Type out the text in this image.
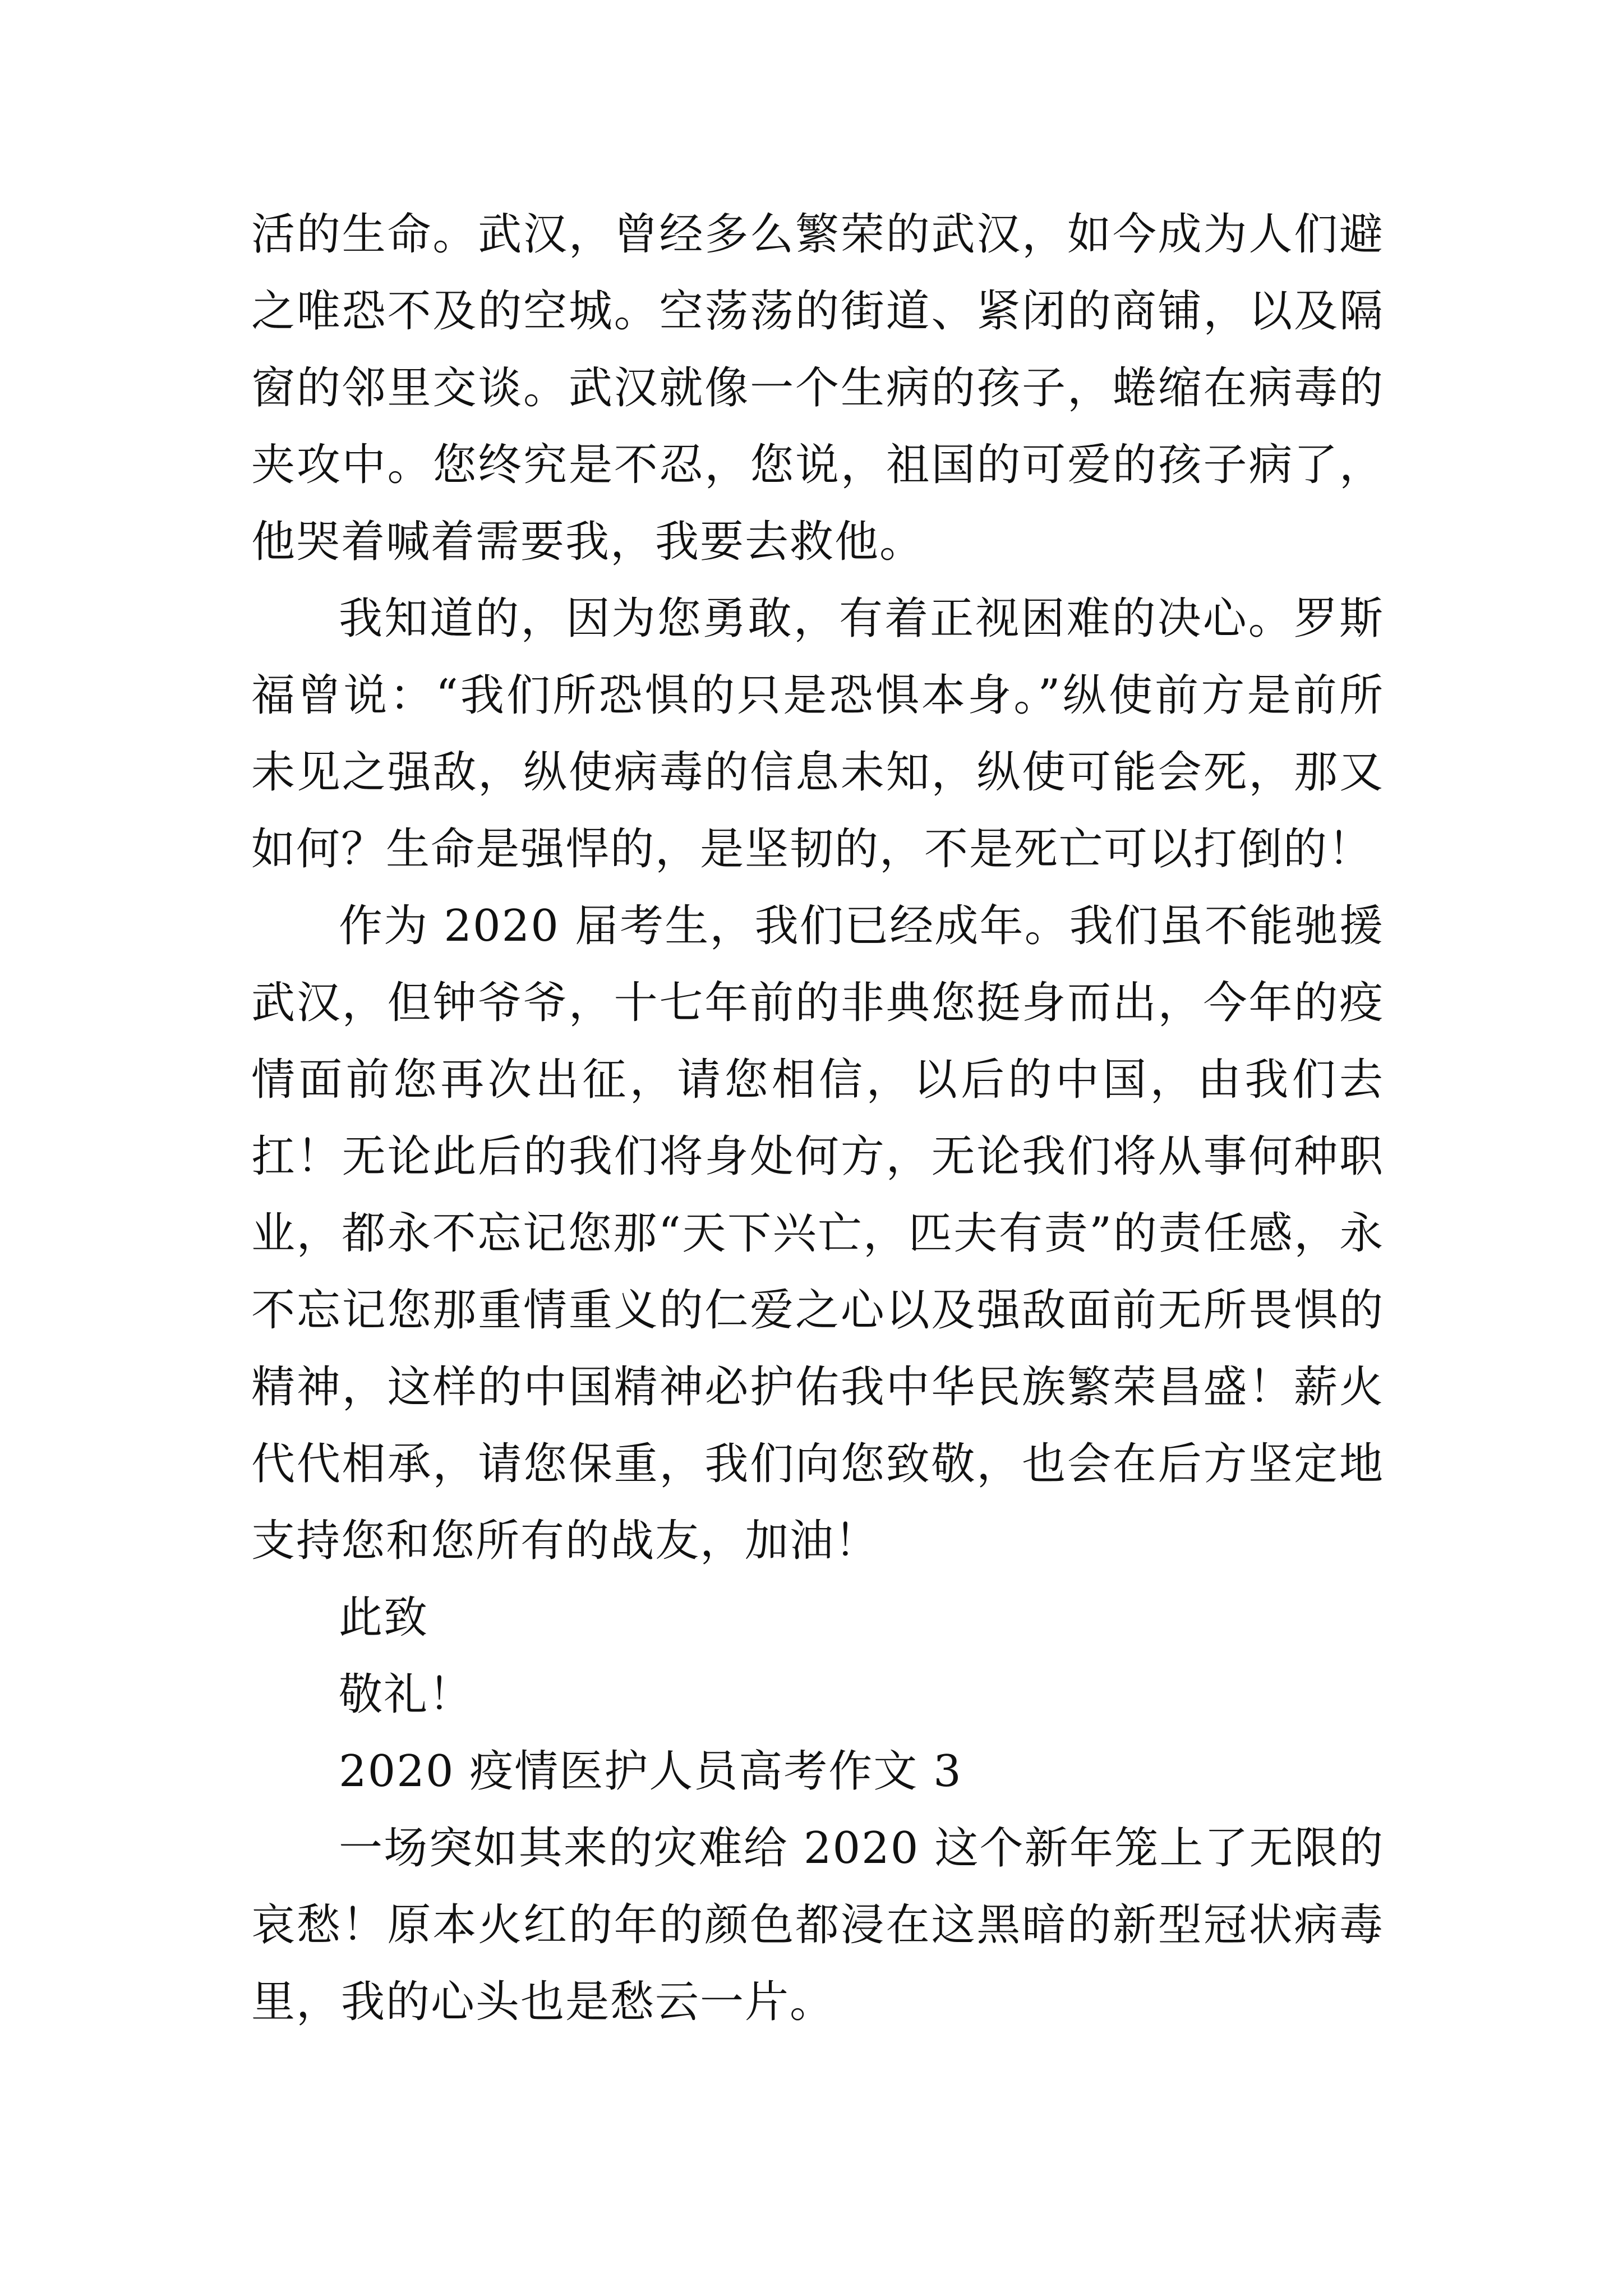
活的生命。武汉，曾经多么繁荣的武汉，如今成为人们避之唯恐不及的空城。空荡荡的街道、紧闭的商铺，以及隔窗的邻里交谈。武汉就像一个生病的孩子，蜷缩在病毒的夹攻中。您终究是不忍，您说，祖国的可爱的孩子病了，他哭着喊着需要我，我要去救他。

我知道的，因为您勇敢，有着正视困难的决心。罗斯福曾说：“我们所恐惧的只是恐惧本身。”纵使前方是前所未见之强敌，纵使病毒的信息未知，纵使可能会死，那又如何？生命是强悍的，是坚韧的，不是死亡可以打倒的！

作为 2020 届考生，我们已经成年。我们虽不能驰援武汉，但钟爷爷，十七年前的非典您挺身而出，今年的疫情面前您再次出征，请您相信，以后的中国，由我们去扛！无论此后的我们将身处何方，无论我们将从事何种职业，都永不忘记您那“天下兴亡，匹夫有责”的责任感，永不忘记您那重情重义的仁爱之心以及强敌面前无所畏惧的精神，这样的中国精神必护佑我中华民族繁荣昌盛！薪火代代相承，请您保重，我们向您致敬，也会在后方坚定地支持您和您所有的战友，加油！

此致

敬礼！

2020 疫情医护人员高考作文 3

一场突如其来的灾难给 2020 这个新年笼上了无限的哀愁！原本火红的年的颜色都浸在这黑暗的新型冠状病毒里，我的心头也是愁云一片。
